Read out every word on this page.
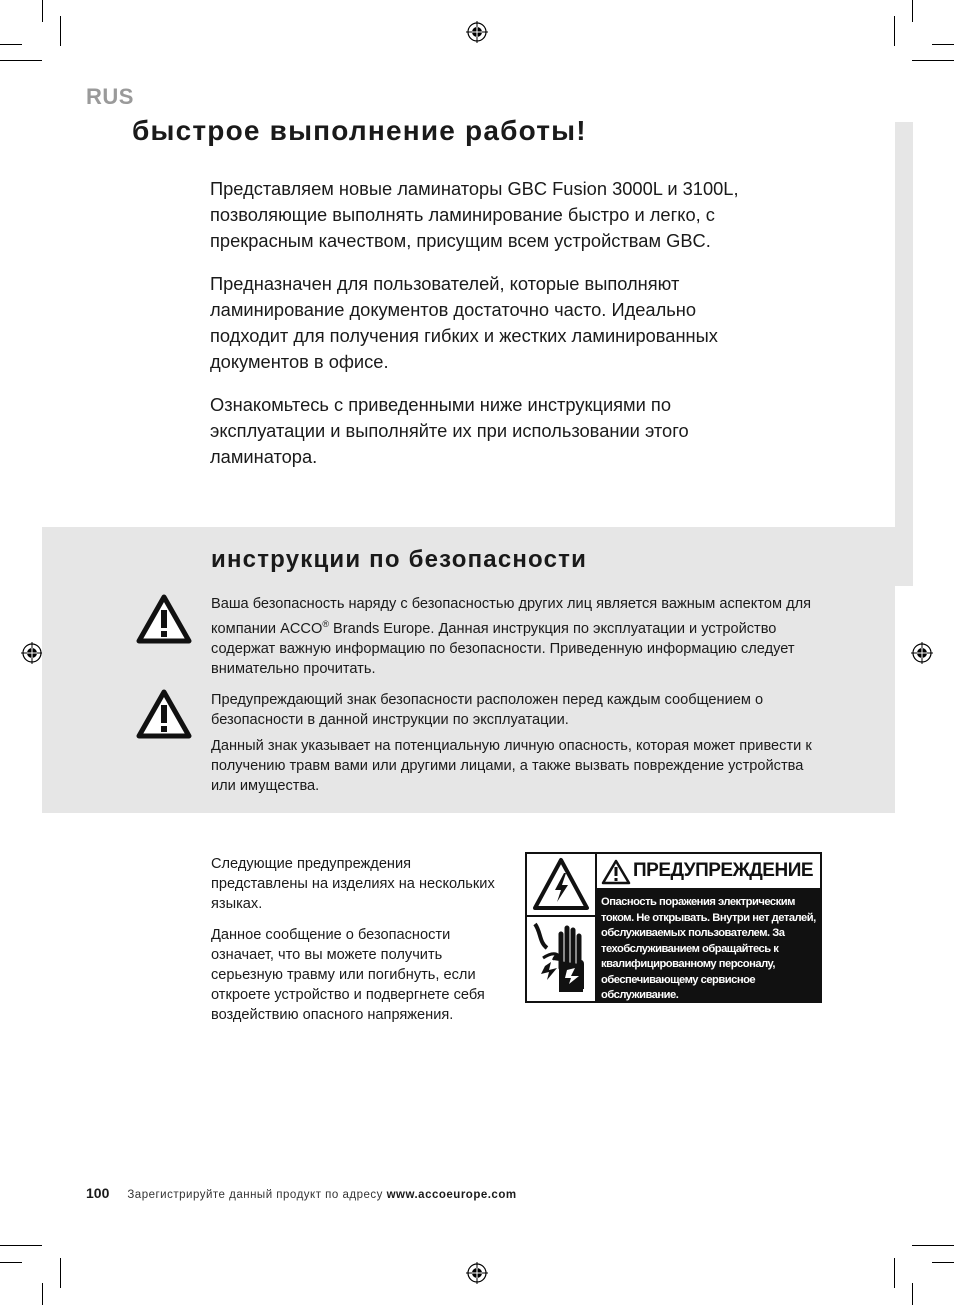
RUS
быстрое выполнение работы!

Представляем новые ламинаторы GBC Fusion 3000L и 3100L, позволяющие выполнять ламинирование быстро и легко, с прекрасным качеством, присущим всем устройствам GBC.

Предназначен для пользователей, которые выполняют ламинирование документов достаточно часто. Идеально подходит для получения гибких и жестких ламинированных документов в офисе.

Ознакомьтесь с приведенными ниже инструкциями по эксплуатации и выполняйте их при использовании этого ламинатора.

инструкции по безопасности

Ваша безопасность наряду с безопасностью других лиц является важным аспектом для компании ACCO® Brands Europe. Данная инструкция по эксплуатации и устройство содержат важную информацию по безопасности. Приведенную информацию следует внимательно прочитать.

Предупреждающий знак безопасности расположен перед каждым сообщением о безопасности в данной инструкции по эксплуатации.
Данный знак указывает на потенциальную личную опасность, которая может привести к получению травм вами или другими лицами, а также вызвать повреждение устройства или имущества.

Следующие предупреждения представлены на изделиях на нескольких языках.

Данное сообщение о безопасности означает, что вы можете получить серьезную травму или погибнуть, если откроете устройство и подвергнете себя воздействию опасного напряжения.

ПРЕДУПРЕЖДЕНИЕ
Опасность поражения электрическим током. Не открывать. Внутри нет деталей, обслуживаемых пользователем. За техобслуживанием обращайтесь к квалифицированному персоналу, обеспечивающему сервисное обслуживание.
100 Зарегистрируйте данный продукт по адресу www.accoeurope.com
